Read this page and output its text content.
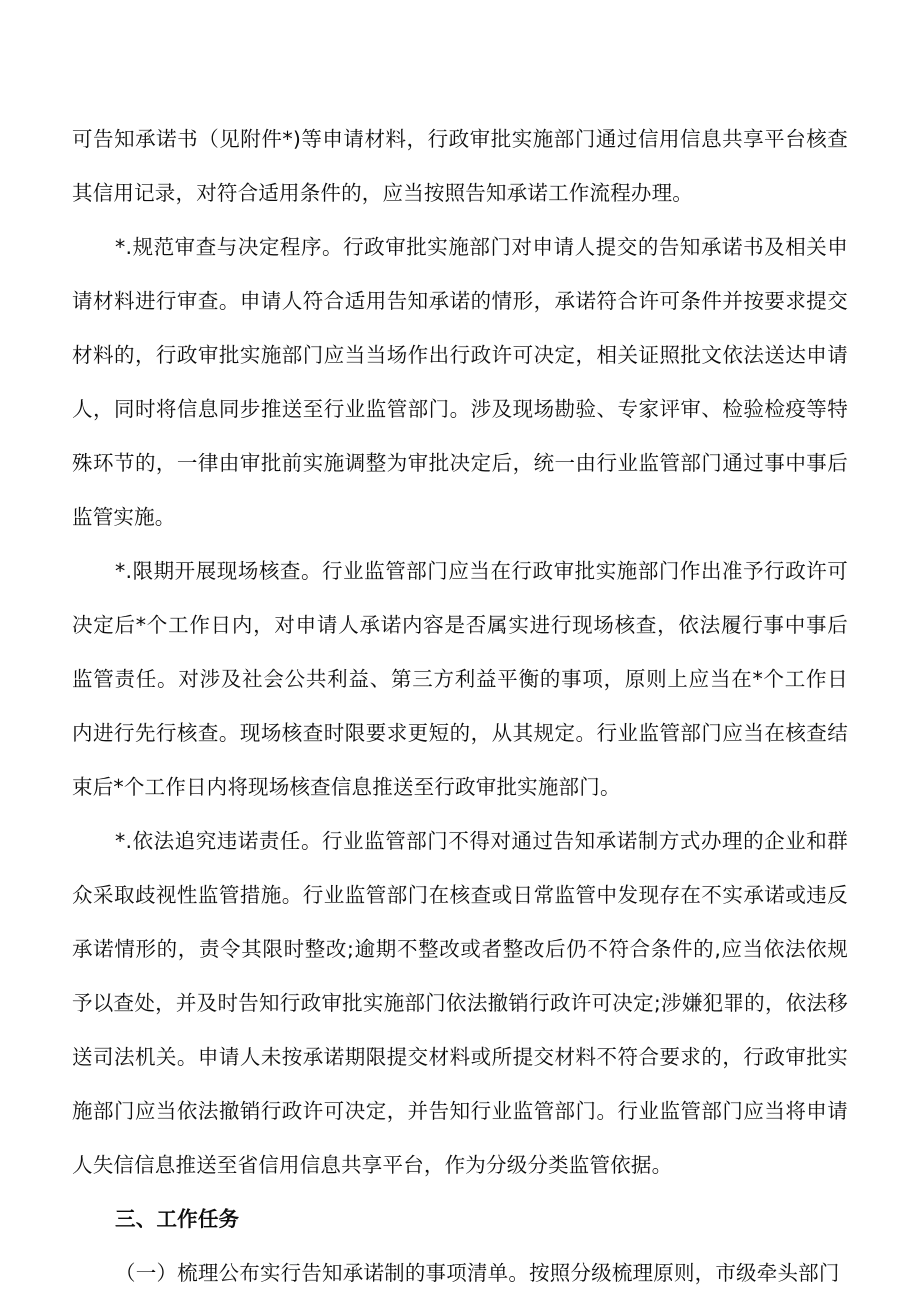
可告知承诺书（见附件*)等申请材料，行政审批实施部门通过信用信息共享平台核查其信用记录，对符合适用条件的，应当按照告知承诺工作流程办理。

*.规范审查与决定程序。行政审批实施部门对申请人提交的告知承诺书及相关申请材料进行审查。申请人符合适用告知承诺的情形，承诺符合许可条件并按要求提交材料的，行政审批实施部门应当当场作出行政许可决定，相关证照批文依法送达申请人，同时将信息同步推送至行业监管部门。涉及现场勘验、专家评审、检验检疫等特殊环节的，一律由审批前实施调整为审批决定后，统一由行业监管部门通过事中事后监管实施。

*.限期开展现场核查。行业监管部门应当在行政审批实施部门作出准予行政许可决定后*个工作日内，对申请人承诺内容是否属实进行现场核查，依法履行事中事后监管责任。对涉及社会公共利益、第三方利益平衡的事项，原则上应当在*个工作日内进行先行核查。现场核查时限要求更短的，从其规定。行业监管部门应当在核查结束后*个工作日内将现场核查信息推送至行政审批实施部门。

*.依法追究违诺责任。行业监管部门不得对通过告知承诺制方式办理的企业和群众采取歧视性监管措施。行业监管部门在核查或日常监管中发现存在不实承诺或违反承诺情形的，责令其限时整改;逾期不整改或者整改后仍不符合条件的,应当依法依规予以查处，并及时告知行政审批实施部门依法撤销行政许可决定;涉嫌犯罪的，依法移送司法机关。申请人未按承诺期限提交材料或所提交材料不符合要求的，行政审批实施部门应当依法撤销行政许可决定，并告知行业监管部门。行业监管部门应当将申请人失信信息推送至省信用信息共享平台，作为分级分类监管依据。

三、工作任务

（一）梳理公布实行告知承诺制的事项清单。按照分级梳理原则，市级牵头部门
